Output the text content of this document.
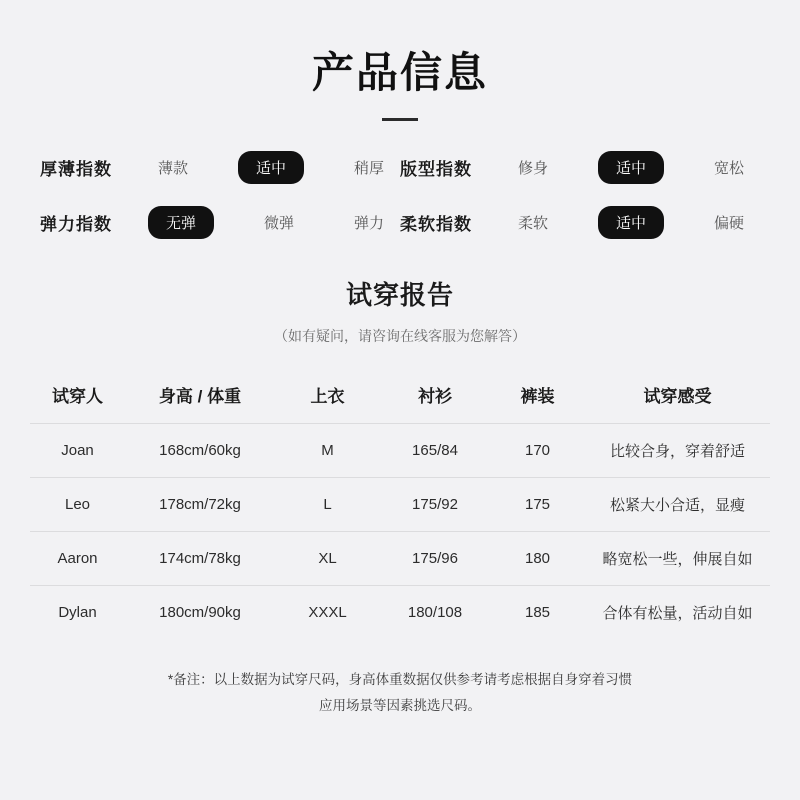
产品信息
厚薄指数	薄款	适中	稍厚 版型指数	修身	适中	宽松
弹力指数	无弹	微弹	弹力 柔软指数	柔软	适中	偏硬
试穿报告
（如有疑问，请咨询在线客服为您解答）
试穿人	身高 / 体重	上衣	衬衫	裤装	试穿感受
Joan	168cm/60kg	M	165/84	170	比较合身，穿着舒适
Leo	178cm/72kg	L	175/92	175	松紧大小合适，显瘦
Aaron	174cm/78kg	XL	175/96	180	略宽松一些，伸展自如
Dylan	180cm/90kg	XXXL	180/108	185	合体有松量，活动自如
*备注：以上数据为试穿尺码，身高体重数据仅供参考请考虑根据自身穿着习惯
应用场景等因素挑选尺码。
